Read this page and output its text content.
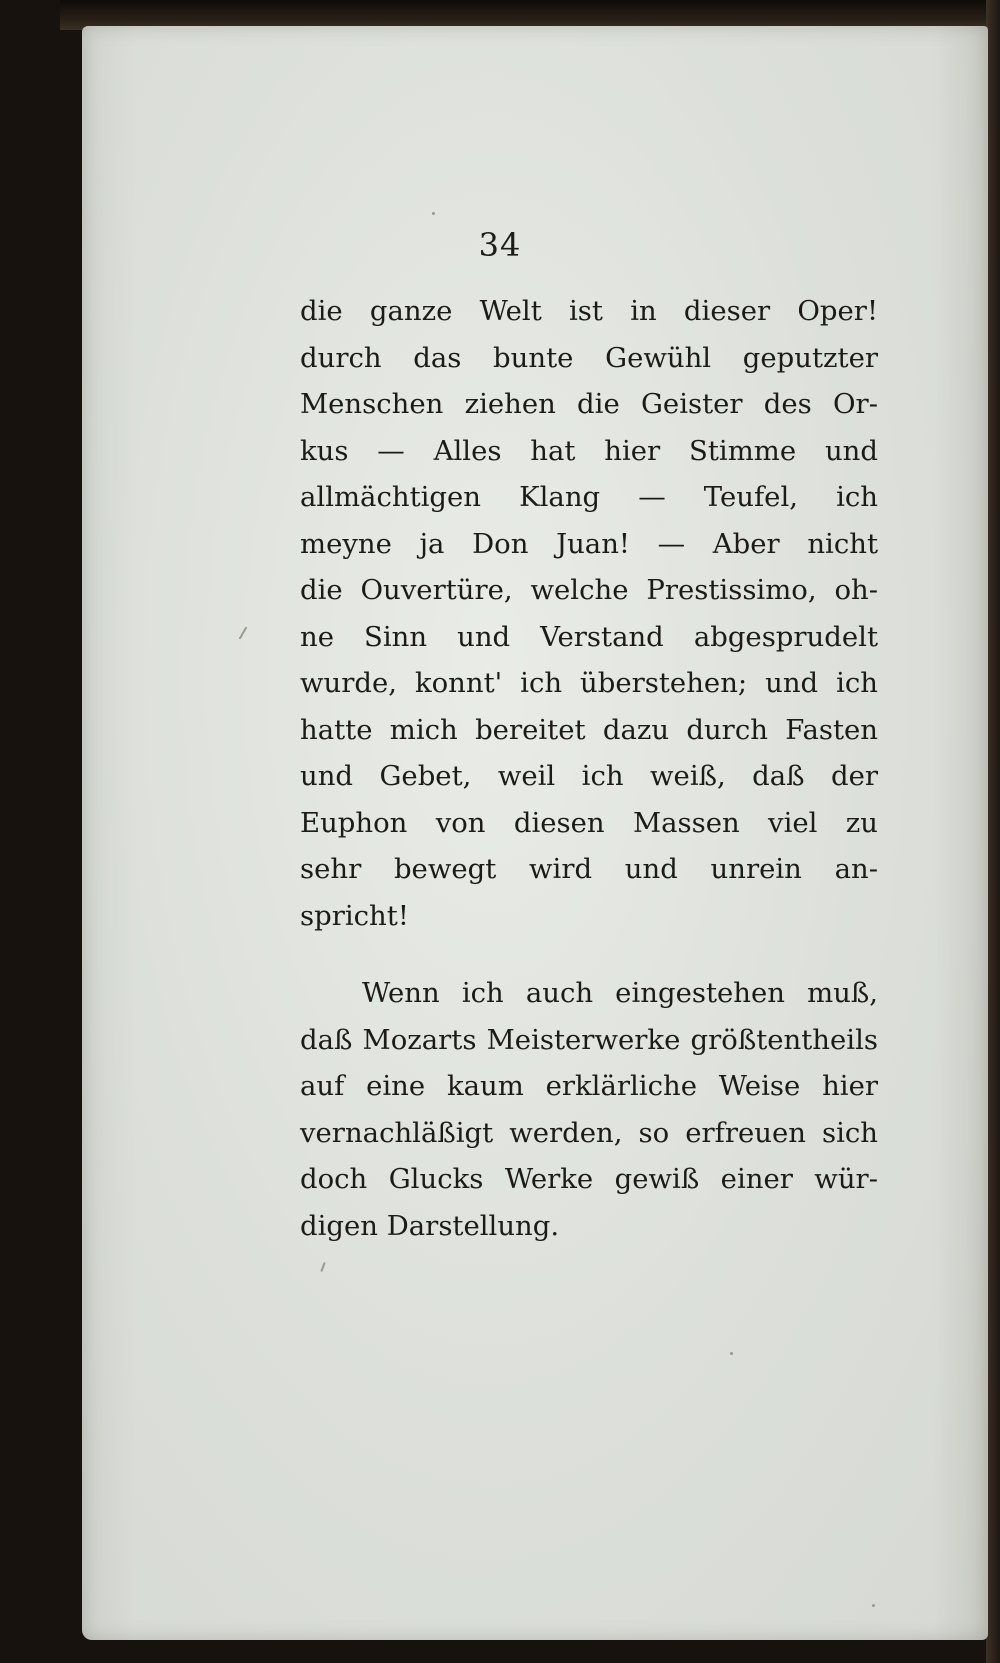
34
die ganze Welt ist in dieser Oper!
durch das bunte Gewühl geputzter
Menschen ziehen die Geister des Or-
kus — Alles hat hier Stimme und
allmächtigen Klang — Teufel, ich
meyne ja Don Juan! — Aber nicht
die Ouvertüre, welche Prestissimo, oh-
ne Sinn und Verstand abgesprudelt
wurde, konnt' ich überstehen; und ich
hatte mich bereitet dazu durch Fasten
und Gebet, weil ich weiß, daß der
Euphon von diesen Massen viel zu
sehr bewegt wird und unrein an-
spricht!
Wenn ich auch eingestehen muß,
daß Mozarts Meisterwerke größtentheils
auf eine kaum erklärliche Weise hier
vernachläßigt werden, so erfreuen sich
doch Glucks Werke gewiß einer wür-
digen Darstellung.
